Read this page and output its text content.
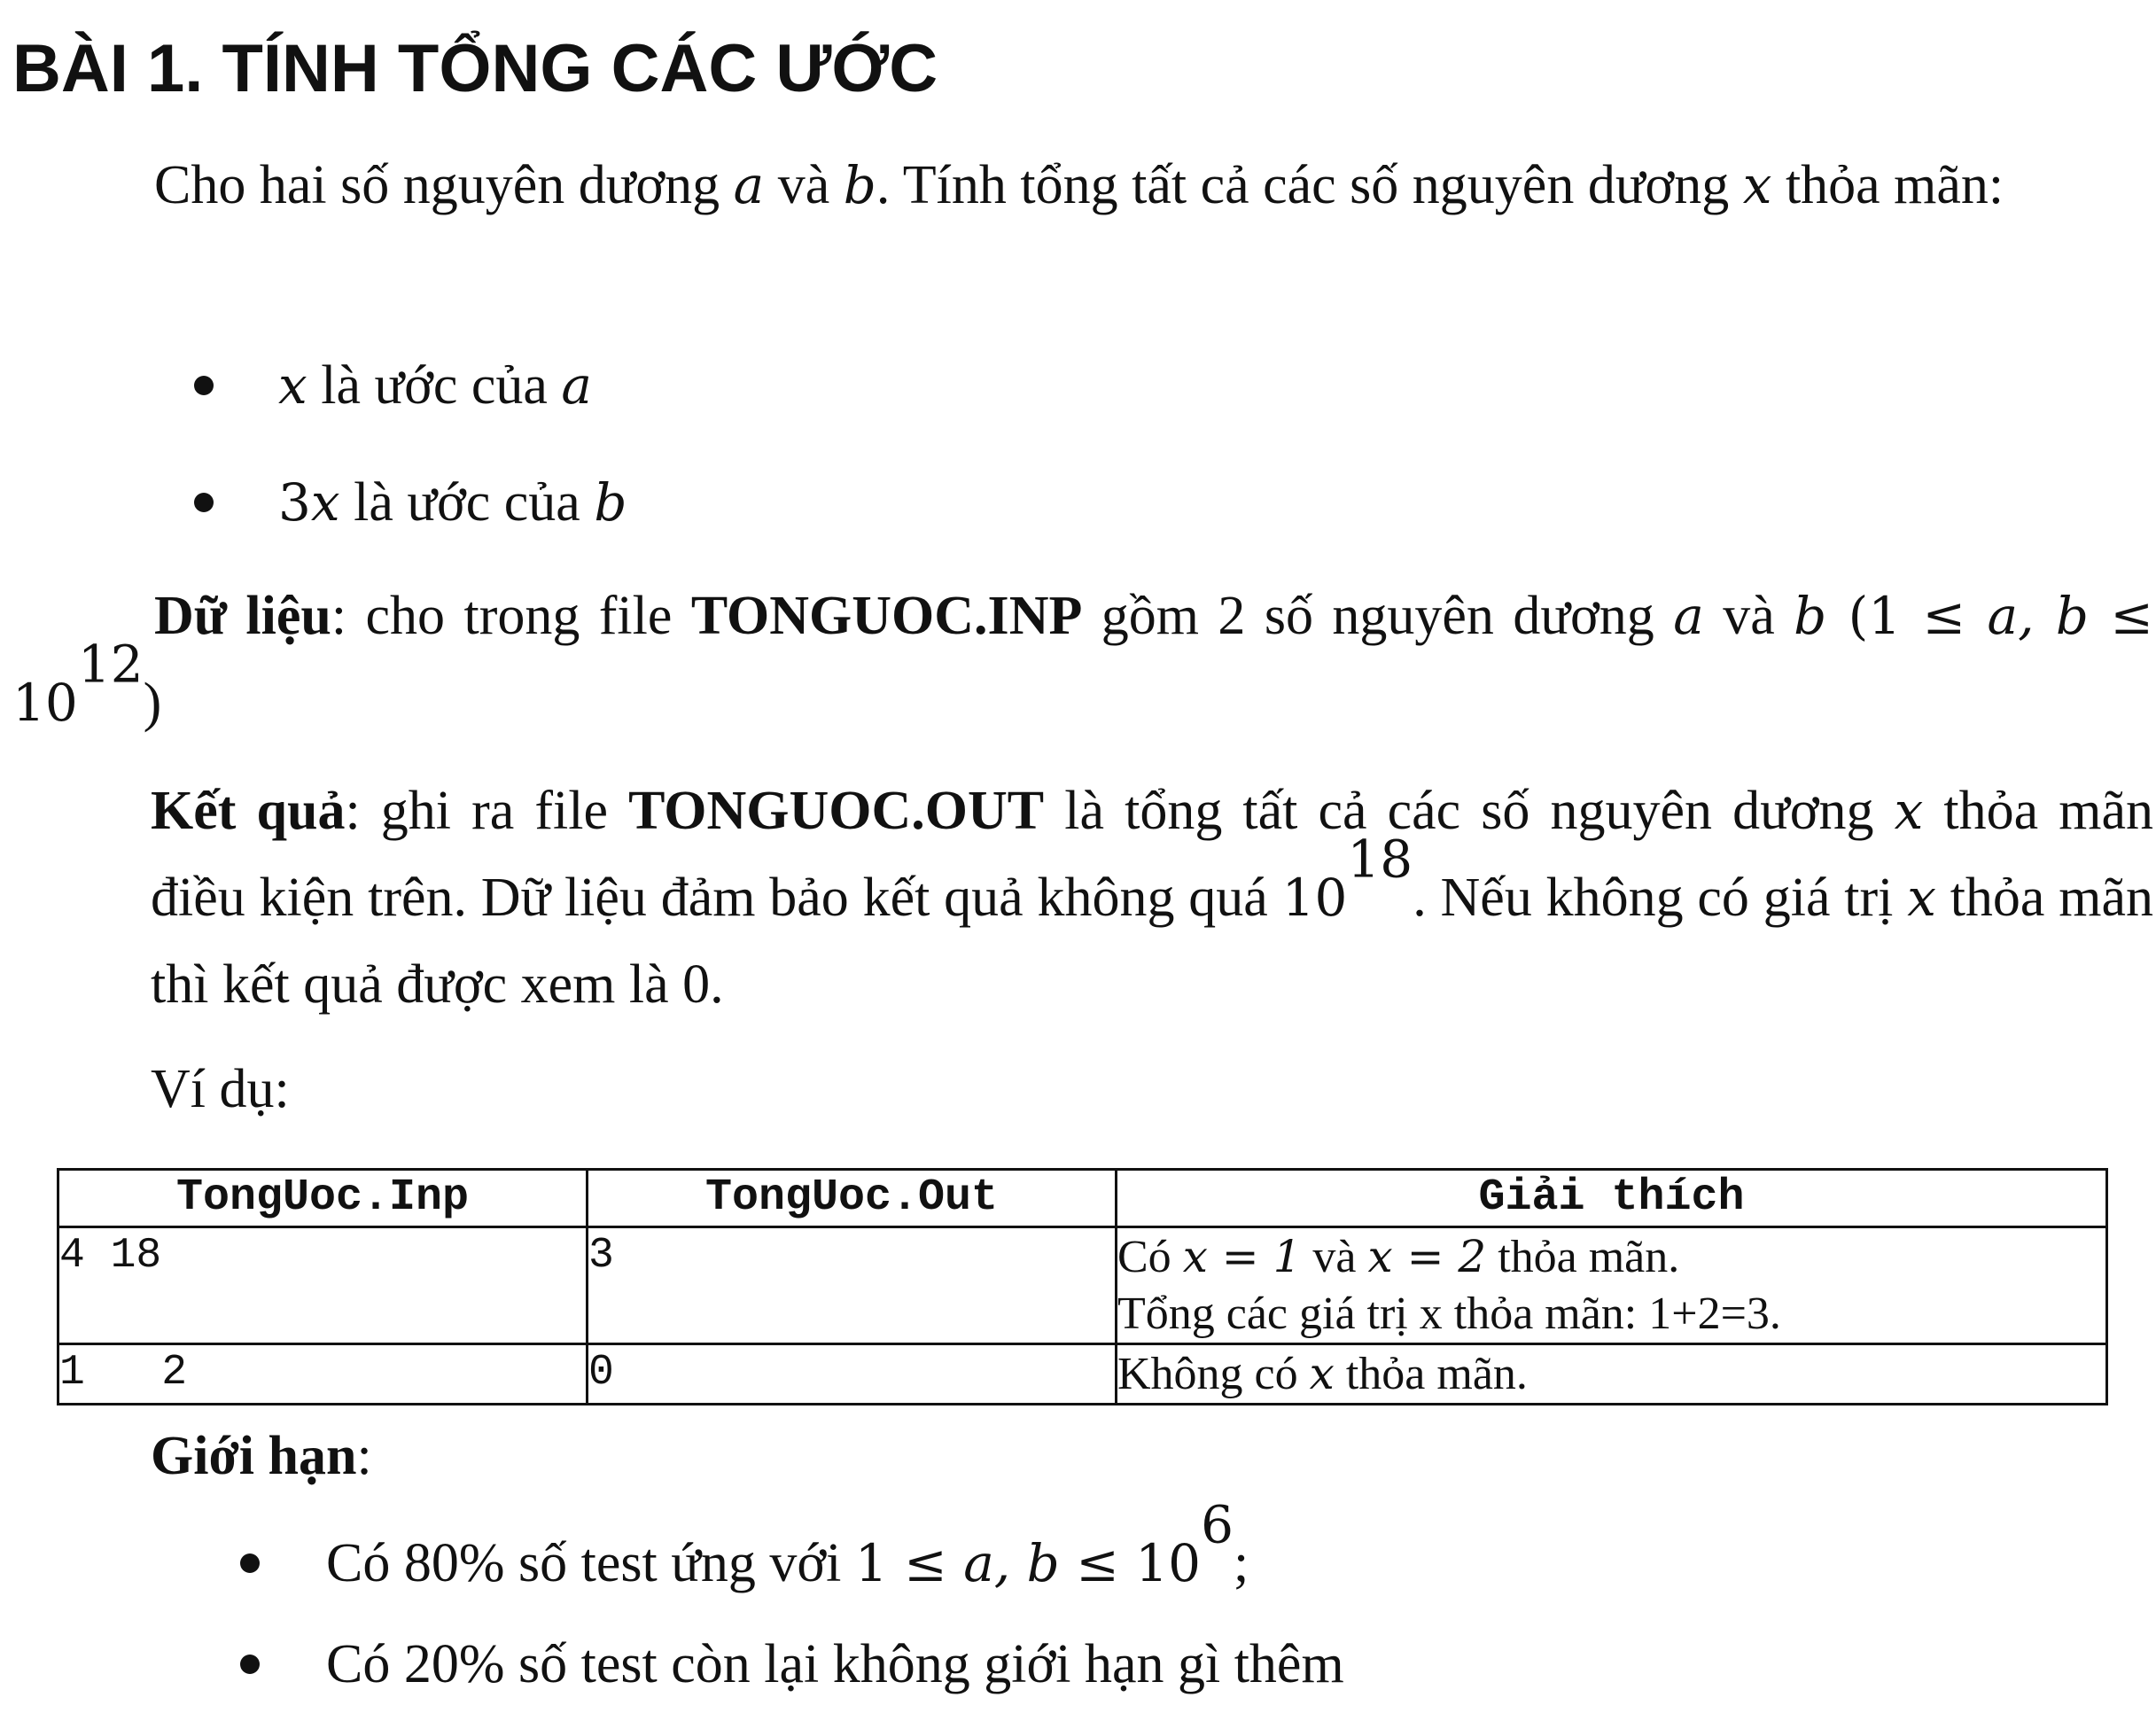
BÀI 1. TÍNH TỔNG CÁC ƯỚC
Cho hai số nguyên dương a và b. Tính tổng tất cả các số nguyên dương x thỏa mãn:
x là ước của a
3x là ước của b
Dữ liệu: cho trong file TONGUOC.INP gồm 2 số nguyên dương a và b (1 ≤ a, $b \le 10^{12}$)
Kết quả: ghi ra file TONGUOC.OUT là tổng tất cả các số nguyên dương x thỏa mãn điều kiện trên. Dữ liệu đảm bảo kết quả không quá $10^{18}$. Nếu không có giá trị x thỏa mãn thì kết quả được xem là 0.
Ví dụ:
TongUoc.Inp	TongUoc.Out	Giải thích
4 18	3	Có x = 1 và x = 2 thỏa mãn.
Tổng các giá trị x thỏa mãn: 1+2=3.

1   2	0	Không có x thỏa mãn.
Giới hạn:
Có 80% số test ứng với 1 ≤ a, $b \le 10^6$;
Có 20% số test còn lại không giới hạn gì thêm
